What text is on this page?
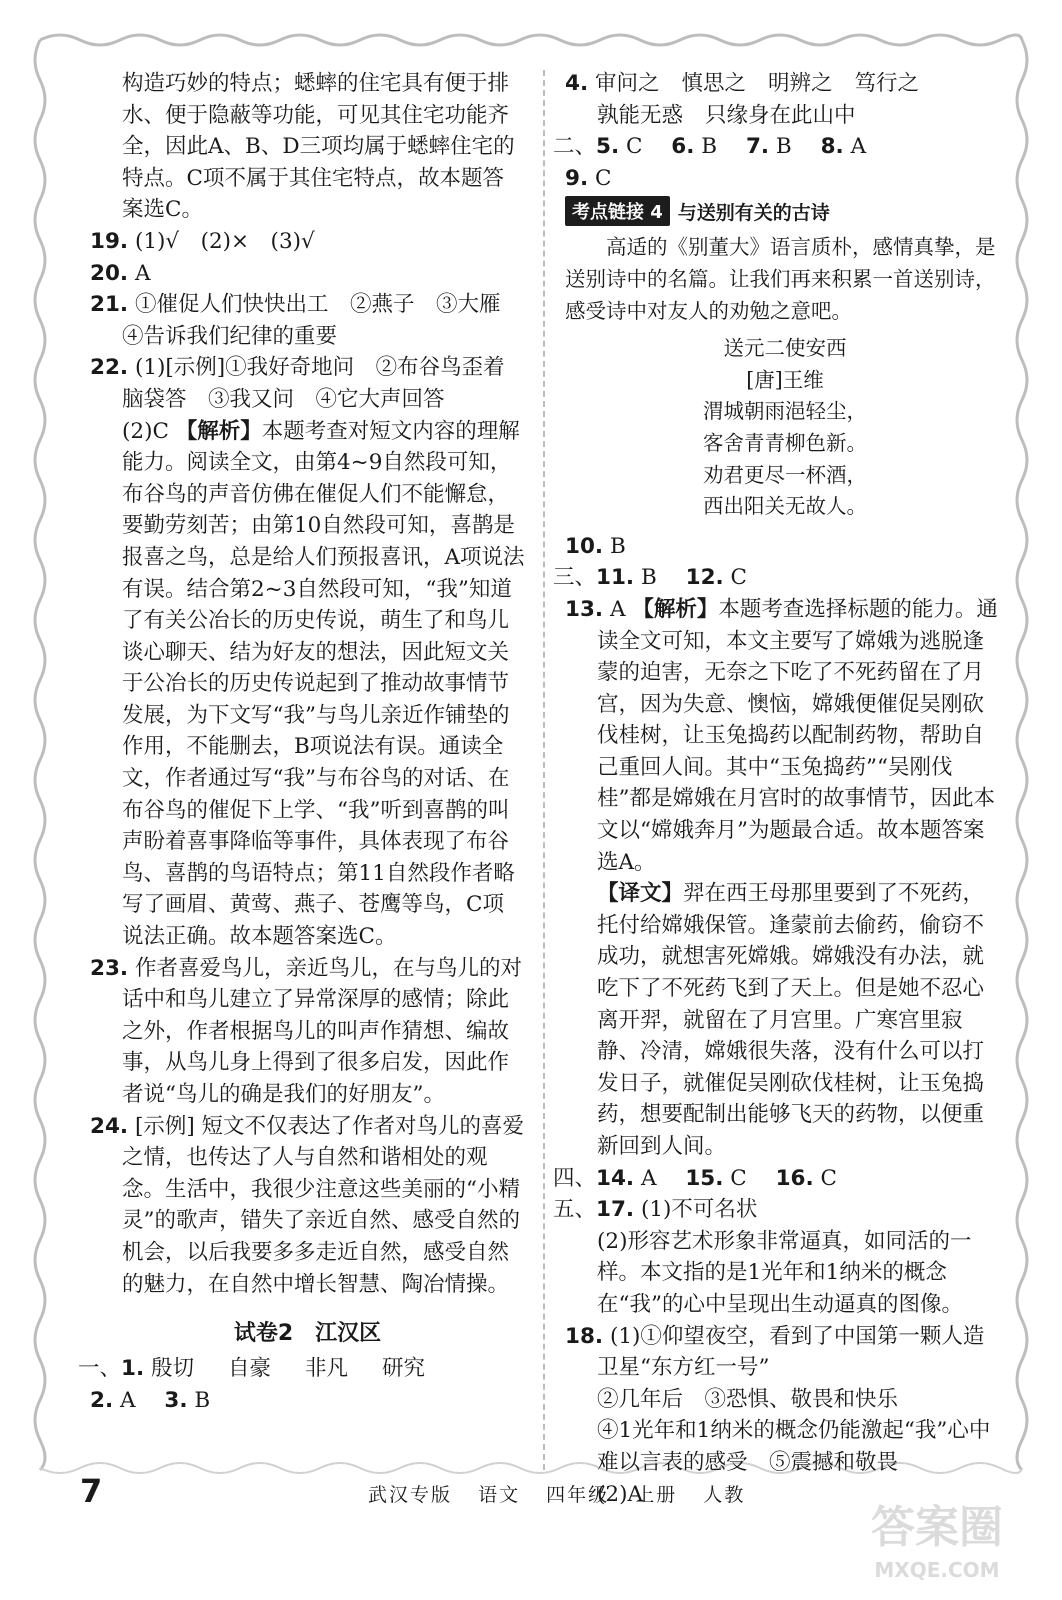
构造巧妙的特点；蟋蟀的住宅具有便于排水、便于隐蔽等功能，可见其住宅功能齐全，因此A、B、D三项均属于蟋蟀住宅的特点。C项不属于其住宅特点，故本题答案选C。

19. (1)√　(2)×　(3)√

20. A

21. ①催促人们快快出工　②燕子　③大雁　④告诉我们纪律的重要

22. (1)[示例]①我好奇地问　②布谷鸟歪着脑袋答　③我又问　④它大声回答

(2)C 【解析】本题考查对短文内容的理解能力。阅读全文，由第4~9自然段可知，布谷鸟的声音仿佛在催促人们不能懈怠，要勤劳刻苦；由第10自然段可知，喜鹊是报喜之鸟，总是给人们预报喜讯，A项说法有误。结合第2~3自然段可知，“我”知道了有关公冶长的历史传说，萌生了和鸟儿谈心聊天、结为好友的想法，因此短文关于公冶长的历史传说起到了推动故事情节发展，为下文写“我”与鸟儿亲近作铺垫的作用，不能删去，B项说法有误。通读全文，作者通过写“我”与布谷鸟的对话、在布谷鸟的催促下上学、“我”听到喜鹊的叫声盼着喜事降临等事件，具体表现了布谷鸟、喜鹊的鸟语特点；第11自然段作者略写了画眉、黄莺、燕子、苍鹰等鸟，C项说法正确。故本题答案选C。

23. 作者喜爱鸟儿，亲近鸟儿，在与鸟儿的对话中和鸟儿建立了异常深厚的感情；除此之外，作者根据鸟儿的叫声作猜想、编故事，从鸟儿身上得到了很多启发，因此作者说“鸟儿的确是我们的好朋友”。

24. [示例] 短文不仅表达了作者对鸟儿的喜爱之情，也传达了人与自然和谐相处的观念。生活中，我很少注意这些美丽的“小精灵”的歌声，错失了亲近自然、感受自然的机会，以后我要多多走近自然，感受自然的魅力，在自然中增长智慧、陶冶情操。

试卷2　江汉区

一、1. 殷切 自豪 非凡 研究

2. A 3. B

4. 审问之 慎思之 明辨之 笃行之
孰能无惑 只缘身在此山中

二、5. C 6. B 7. B 8. A

9. C

考点链接 4 与送别有关的古诗

高适的《别董大》语言质朴，感情真挚，是送别诗中的名篇。让我们再来积累一首送别诗，感受诗中对友人的劝勉之意吧。

送元二使安西
[唐]王维
渭城朝雨浥轻尘，
客舍青青柳色新。
劝君更尽一杯酒，
西出阳关无故人。

10. B

三、11. B 12. C

13. A 【解析】本题考查选择标题的能力。通读全文可知，本文主要写了嫦娥为逃脱逢蒙的迫害，无奈之下吃了不死药留在了月宫，因为失意、懊恼，嫦娥便催促吴刚砍伐桂树，让玉兔捣药以配制药物，帮助自己重回人间。其中“玉兔捣药”“吴刚伐桂”都是嫦娥在月宫时的故事情节，因此本文以“嫦娥奔月”为题最合适。故本题答案选A。

【译文】羿在西王母那里要到了不死药，托付给嫦娥保管。逢蒙前去偷药，偷窃不成功，就想害死嫦娥。嫦娥没有办法，就吃下了不死药飞到了天上。但是她不忍心离开羿，就留在了月宫里。广寒宫里寂静、冷清，嫦娥很失落，没有什么可以打发日子，就催促吴刚砍伐桂树，让玉兔捣药，想要配制出能够飞天的药物，以便重新回到人间。

四、14. A 15. C 16. C

五、17. (1)不可名状

(2)形容艺术形象非常逼真，如同活的一样。本文指的是1光年和1纳米的概念在“我”的心中呈现出生动逼真的图像。

18. (1)①仰望夜空，看到了中国第一颗人造卫星“东方红一号”

②几年后　③恐惧、敬畏和快乐

④1光年和1纳米的概念仍能激起“我”心中难以言表的感受　⑤震撼和敬畏

(2)A

7	武汉专版 语文 四年级 上册 人教
答案圈
MXQE.COM
